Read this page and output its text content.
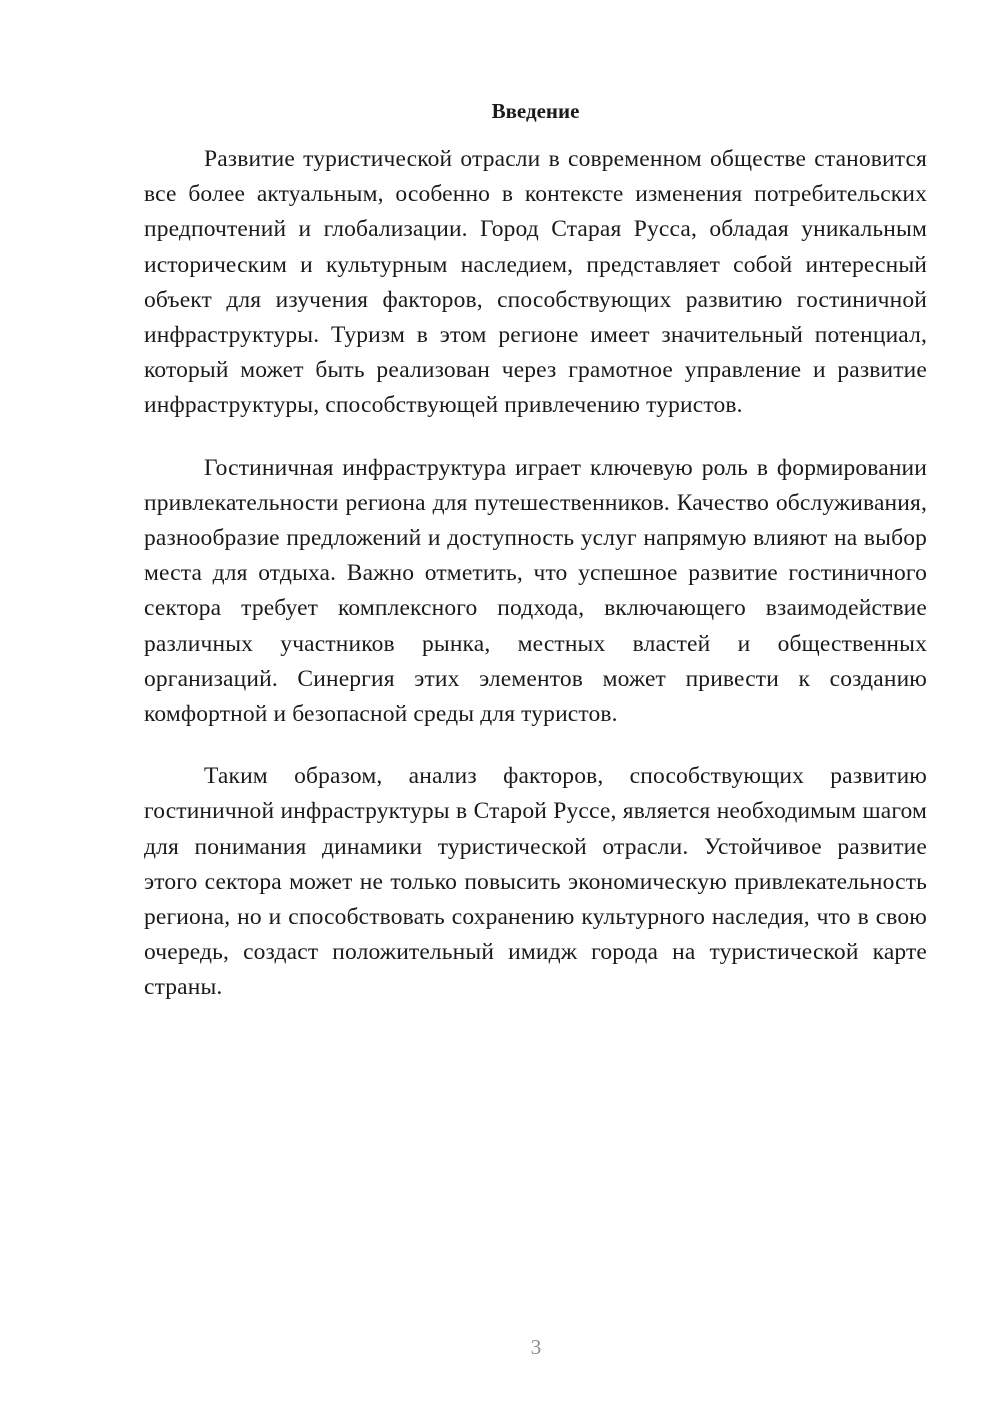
Введение

Развитие туристической отрасли в современном обществе становится все более актуальным, особенно в контексте изменения потребительских предпочтений и глобализации. Город Старая Русса, обладая уникальным историческим и культурным наследием, представляет собой интересный объект для изучения факторов, способствующих развитию гостиничной инфраструктуры. Туризм в этом регионе имеет значительный потенциал, который может быть реализован через грамотное управление и развитие инфраструктуры, способствующей привлечению туристов.

Гостиничная инфраструктура играет ключевую роль в формировании привлекательности региона для путешественников. Качество обслуживания, разнообразие предложений и доступность услуг напрямую влияют на выбор места для отдыха. Важно отметить, что успешное развитие гостиничного сектора требует комплексного подхода, включающего взаимодействие различных участников рынка, местных властей и общественных организаций. Синергия этих элементов может привести к созданию комфортной и безопасной среды для туристов.

Таким образом, анализ факторов, способствующих развитию гостиничной инфраструктуры в Старой Руссе, является необходимым шагом для понимания динамики туристической отрасли. Устойчивое развитие этого сектора может не только повысить экономическую привлекательность региона, но и способствовать сохранению культурного наследия, что в свою очередь, создаст положительный имидж города на туристической карте страны.

3
